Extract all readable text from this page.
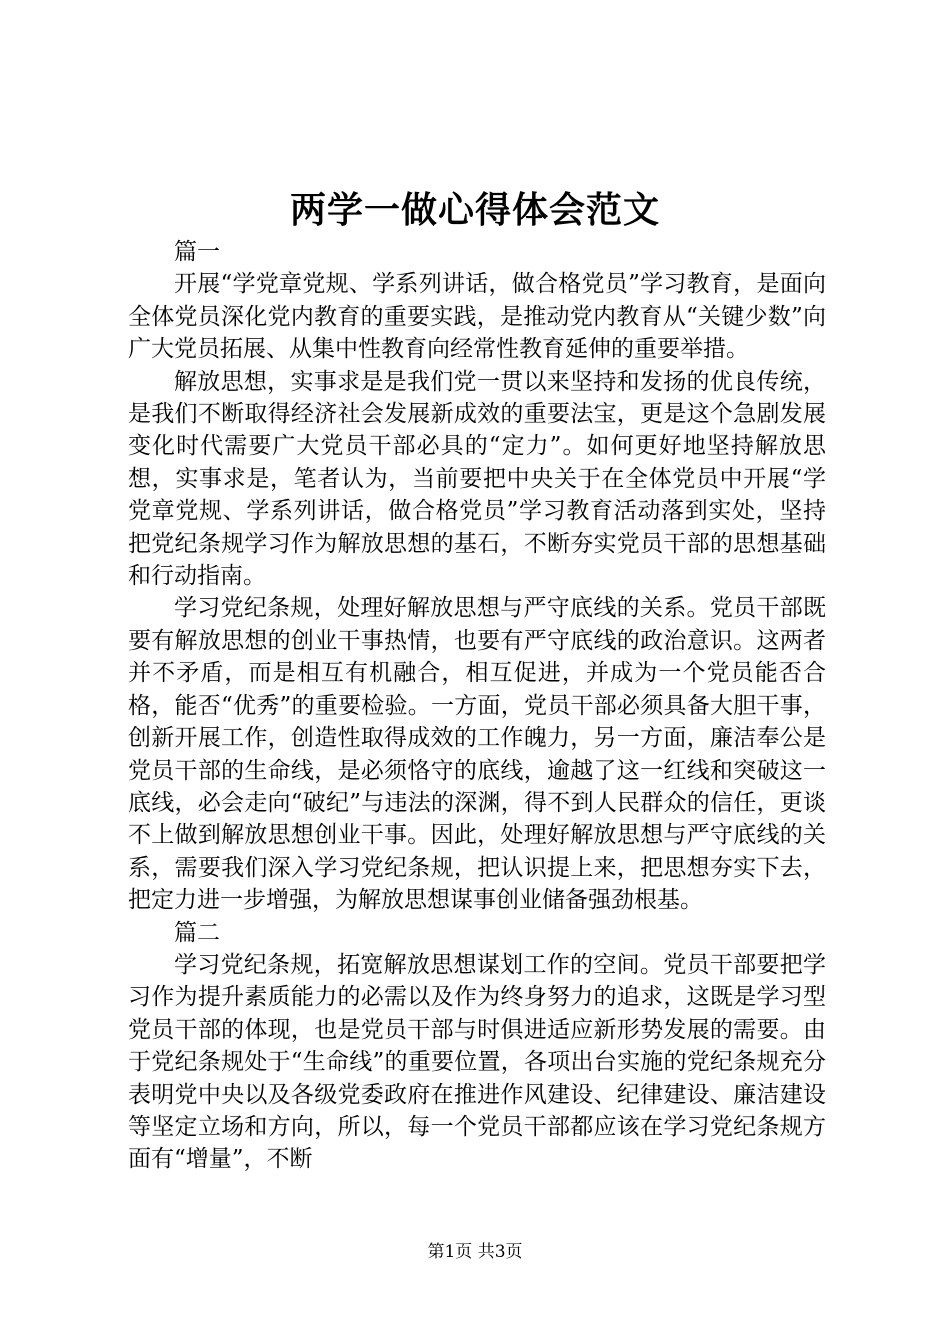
两学一做心得体会范文

篇一

开展“学党章党规、学系列讲话，做合格党员”学习教育，是面向全体党员深化党内教育的重要实践，是推动党内教育从“关键少数”向广大党员拓展、从集中性教育向经常性教育延伸的重要举措。

解放思想，实事求是是我们党一贯以来坚持和发扬的优良传统，是我们不断取得经济社会发展新成效的重要法宝，更是这个急剧发展变化时代需要广大党员干部必具的“定力”。如何更好地坚持解放思想，实事求是，笔者认为，当前要把中央关于在全体党员中开展“学党章党规、学系列讲话，做合格党员”学习教育活动落到实处，坚持把党纪条规学习作为解放思想的基石，不断夯实党员干部的思想基础和行动指南。

学习党纪条规，处理好解放思想与严守底线的关系。党员干部既要有解放思想的创业干事热情，也要有严守底线的政治意识。这两者并不矛盾，而是相互有机融合，相互促进，并成为一个党员能否合格，能否“优秀”的重要检验。一方面，党员干部必须具备大胆干事，创新开展工作，创造性取得成效的工作魄力，另一方面，廉洁奉公是党员干部的生命线，是必须恪守的底线，逾越了这一红线和突破这一底线，必会走向“破纪”与违法的深渊，得不到人民群众的信任，更谈不上做到解放思想创业干事。因此，处理好解放思想与严守底线的关系，需要我们深入学习党纪条规，把认识提上来，把思想夯实下去，把定力进一步增强，为解放思想谋事创业储备强劲根基。

篇二

学习党纪条规，拓宽解放思想谋划工作的空间。党员干部要把学习作为提升素质能力的必需以及作为终身努力的追求，这既是学习型党员干部的体现，也是党员干部与时俱进适应新形势发展的需要。由于党纪条规处于“生命线”的重要位置，各项出台实施的党纪条规充分表明党中央以及各级党委政府在推进作风建设、纪律建设、廉洁建设等坚定立场和方向，所以，每一个党员干部都应该在学习党纪条规方面有“增量”，不断

第1页 共3页
